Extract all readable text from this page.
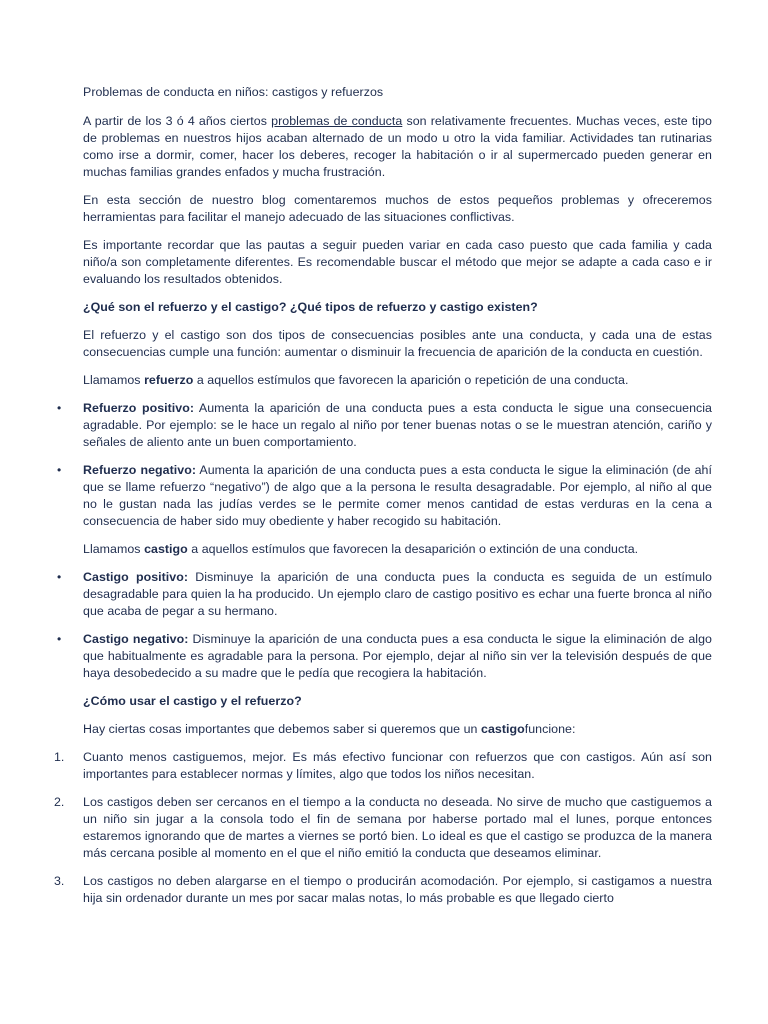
Problemas de conducta en niños: castigos y refuerzos

A partir de los 3 ó 4 años ciertos problemas de conducta son relativamente frecuentes. Muchas veces, este tipo de problemas en nuestros hijos acaban alternado de un modo u otro la vida familiar. Actividades tan rutinarias como irse a dormir, comer, hacer los deberes, recoger la habitación o ir al supermercado pueden generar en muchas familias grandes enfados y mucha frustración.

En esta sección de nuestro blog comentaremos muchos de estos pequeños problemas y ofreceremos herramientas para facilitar el manejo adecuado de las situaciones conflictivas.

Es importante recordar que las pautas a seguir pueden variar en cada caso puesto que cada familia y cada niño/a son completamente diferentes. Es recomendable buscar el método que mejor se adapte a cada caso e ir evaluando los resultados obtenidos.

¿Qué son el refuerzo y el castigo? ¿Qué tipos de refuerzo y castigo existen?

El refuerzo y el castigo son dos tipos de consecuencias posibles ante una conducta, y cada una de estas consecuencias cumple una función: aumentar o disminuir la frecuencia de aparición de la conducta en cuestión.

Llamamos refuerzo a aquellos estímulos que favorecen la aparición o repetición de una conducta.

• Refuerzo positivo: Aumenta la aparición de una conducta pues a esta conducta le sigue una consecuencia agradable. Por ejemplo: se le hace un regalo al niño por tener buenas notas o se le muestran atención, cariño y señales de aliento ante un buen comportamiento.

• Refuerzo negativo: Aumenta la aparición de una conducta pues a esta conducta le sigue la eliminación (de ahí que se llame refuerzo “negativo”) de algo que a la persona le resulta desagradable. Por ejemplo, al niño al que no le gustan nada las judías verdes se le permite comer menos cantidad de estas verduras en la cena a consecuencia de haber sido muy obediente y haber recogido su habitación.

Llamamos castigo a aquellos estímulos que favorecen la desaparición o extinción de una conducta.

• Castigo positivo: Disminuye la aparición de una conducta pues la conducta es seguida de un estímulo desagradable para quien la ha producido. Un ejemplo claro de castigo positivo es echar una fuerte bronca al niño que acaba de pegar a su hermano.

• Castigo negativo: Disminuye la aparición de una conducta pues a esa conducta le sigue la eliminación de algo que habitualmente es agradable para la persona. Por ejemplo, dejar al niño sin ver la televisión después de que haya desobedecido a su madre que le pedía que recogiera la habitación.

¿Cómo usar el castigo y el refuerzo?

Hay ciertas cosas importantes que debemos saber si queremos que un castigofuncione:

1. Cuanto menos castiguemos, mejor. Es más efectivo funcionar con refuerzos que con castigos. Aún así son importantes para establecer normas y límites, algo que todos los niños necesitan.

2. Los castigos deben ser cercanos en el tiempo a la conducta no deseada. No sirve de mucho que castiguemos a un niño sin jugar a la consola todo el fin de semana por haberse portado mal el lunes, porque entonces estaremos ignorando que de martes a viernes se portó bien. Lo ideal es que el castigo se produzca de la manera más cercana posible al momento en el que el niño emitió la conducta que deseamos eliminar.

3. Los castigos no deben alargarse en el tiempo o producirán acomodación. Por ejemplo, si castigamos a nuestra hija sin ordenador durante un mes por sacar malas notas, lo más probable es que llegado cierto
